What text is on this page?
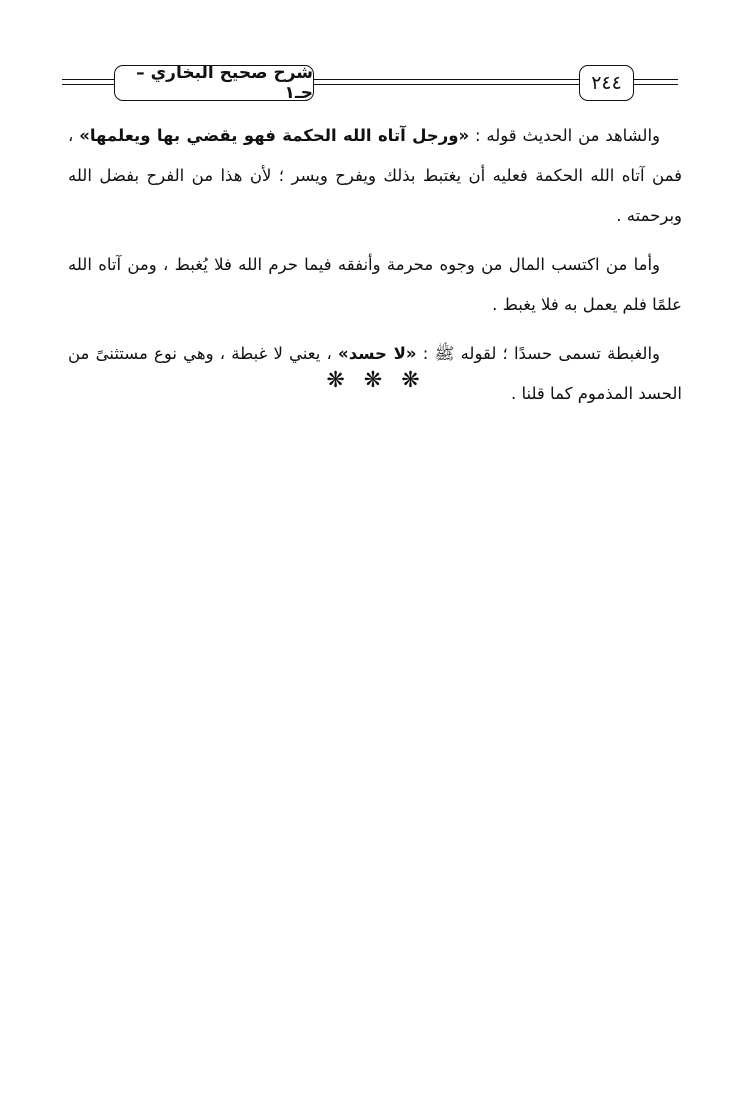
شرح صحيح البخاري – جـ١	٢٤٤

والشاهد من الحديث قوله : «ورجل آتاه الله الحكمة فهو يقضي بها ويعلمها» ، فمن آتاه الله الحكمة فعليه أن يغتبط بذلك ويفرح ويسر ؛ لأن هذا من الفرح بفضل الله وبرحمته .

وأما من اكتسب المال من وجوه محرمة وأنفقه فيما حرم الله فلا يُغبط ، ومن آتاه الله علمًا فلم يعمل به فلا يغبط .

والغبطة تسمى حسدًا ؛ لقوله ﷺ : «لا حسد» ، يعني لا غبطة ، وهي نوع مستثنىً من الحسد المذموم كما قلنا .

❋ ❋ ❋
